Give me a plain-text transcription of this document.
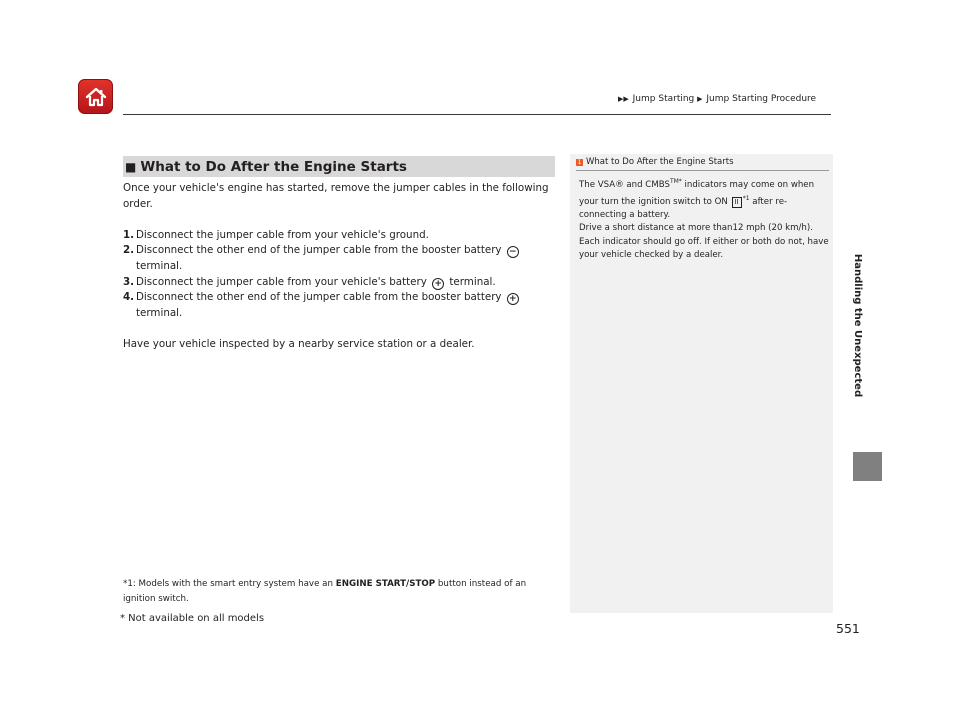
▶▶ Jump Starting ▶ Jump Starting Procedure
Handling the Unexpected
■ What to Do After the Engine Starts

Once your vehicle's engine has started, remove the jumper cables in the following order.

1. Disconnect the jumper cable from your vehicle's ground.

2. Disconnect the other end of the jumper cable from the booster battery −
terminal.

3. Disconnect the jumper cable from your vehicle's battery + terminal.

4. Disconnect the other end of the jumper cable from the booster battery +
terminal.

Have your vehicle inspected by a nearby service station or a dealer.

*1: Models with the smart entry system have an ENGINE START/STOP button instead of an ignition switch.
1 What to Do After the Engine Starts

The VSA® and $CMBS^{TM*}$ indicators may come on when your turn the ignition switch to ON II $^{*1}$ after re-connecting a battery.

Drive a short distance at more than12 mph (20 km/h). Each indicator should go off. If either or both do not, have your vehicle checked by a dealer.

* Not available on all models
551
